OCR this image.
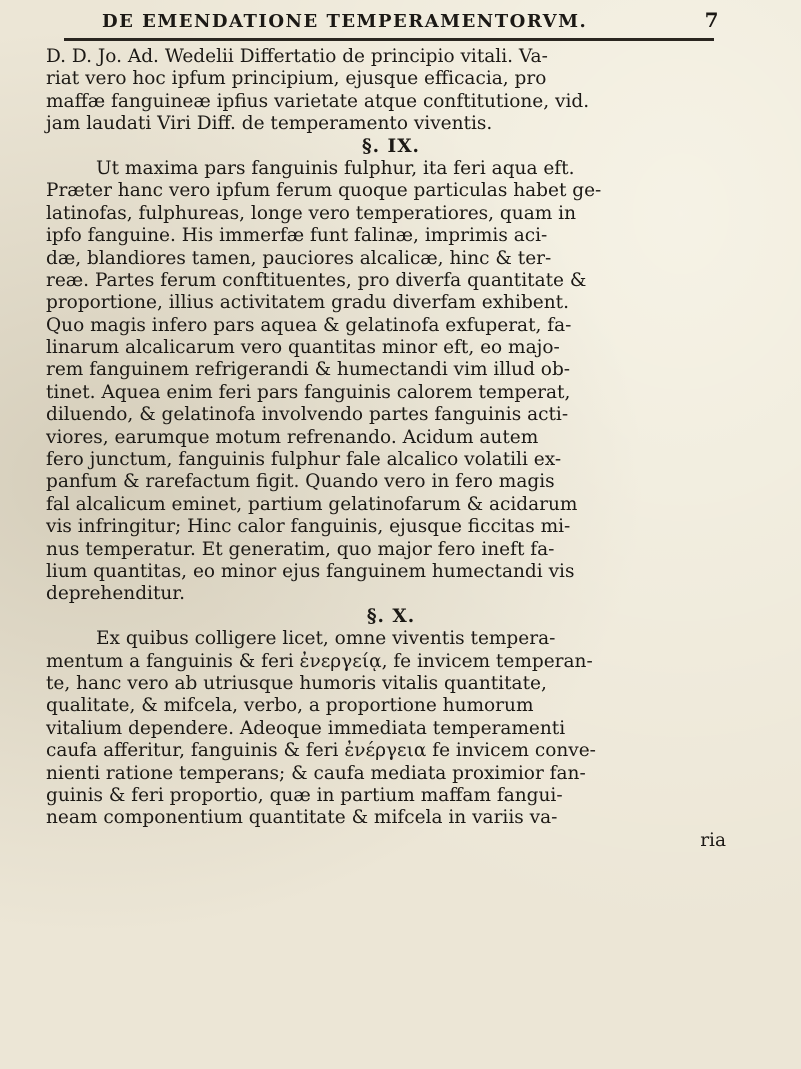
DE EMENDATIONE TEMPERAMENTORVM.	7

D. D. Jo. Ad. Wedelii Differtatio de principio vitali. Va-

riat vero hoc ipfum principium, ejusque efficacia, pro

maffæ fanguineæ ipfius varietate atque conftitutione, vid.

jam laudati Viri Diff. de temperamento viventis.

§. IX.

Ut maxima pars fanguinis fulphur, ita feri aqua eft.

Præter hanc vero ipfum ferum quoque particulas habet ge-

latinofas, fulphureas, longe vero temperatiores, quam in

ipfo fanguine. His immerfæ funt falinæ, imprimis aci-

dæ, blandiores tamen, pauciores alcalicæ, hinc & ter-

reæ. Partes ferum conftituentes, pro diverfa quantitate &

proportione, illius activitatem gradu diverfam exhibent.

Quo magis infero pars aquea & gelatinofa exfuperat, fa-

linarum alcalicarum vero quantitas minor eft, eo majo-

rem fanguinem refrigerandi & humectandi vim illud ob-

tinet. Aquea enim feri pars fanguinis calorem temperat,

diluendo, & gelatinofa involvendo partes fanguinis acti-

viores, earumque motum refrenando. Acidum autem

fero junctum, fanguinis fulphur fale alcalico volatili ex-

panfum & rarefactum figit. Quando vero in fero magis

fal alcalicum eminet, partium gelatinofarum & acidarum

vis infringitur; Hinc calor fanguinis, ejusque ficcitas mi-

nus temperatur. Et generatim, quo major fero ineft fa-

lium quantitas, eo minor ejus fanguinem humectandi vis

deprehenditur.

§. X.

Ex quibus colligere licet, omne viventis tempera-

mentum a fanguinis & feri ἐνεργείᾳ, fe invicem temperan-

te, hanc vero ab utriusque humoris vitalis quantitate,

qualitate, & mifcela, verbo, a proportione humorum

vitalium dependere. Adeoque immediata temperamenti

caufa afferitur, fanguinis & feri ἐνέργεια fe invicem conve-

nienti ratione temperans; & caufa mediata proximior fan-

guinis & feri proportio, quæ in partium maffam fangui-

neam componentium quantitate & mifcela in variis va-

ria
